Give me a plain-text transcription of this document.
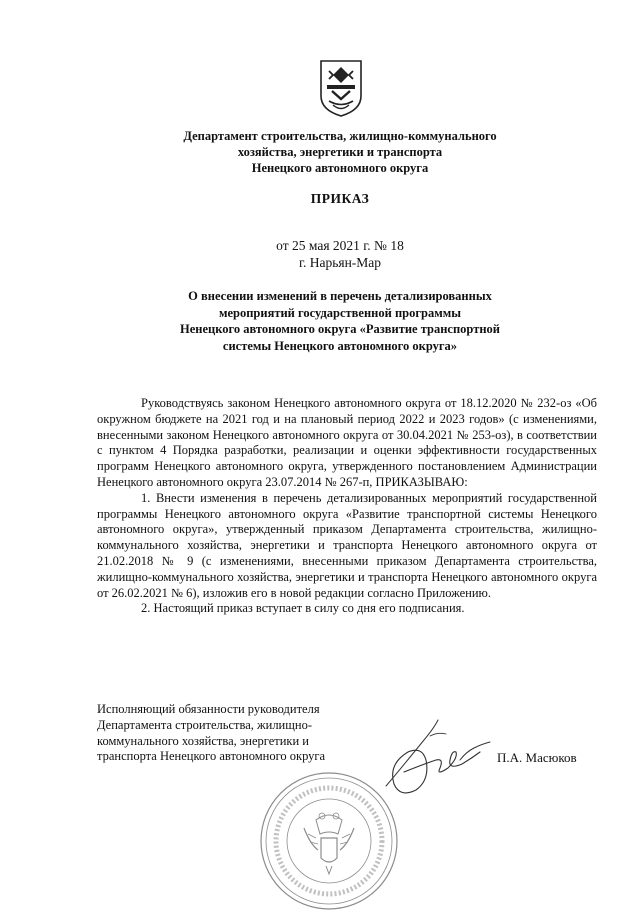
Департамент строительства, жилищно-коммунального
хозяйства, энергетики и транспорта
Ненецкого автономного округа
ПРИКАЗ
от 25 мая 2021 г. № 18
г. Нарьян-Мар
О внесении изменений в перечень детализированных
мероприятий государственной программы
Ненецкого автономного округа «Развитие транспортной
системы Ненецкого автономного округа»

Руководствуясь законом Ненецкого автономного округа от 18.12.2020 № 232-оз «Об окружном бюджете на 2021 год и на плановый период 2022 и 2023 годов» (с изменениями, внесенными законом Ненецкого автономного округа от 30.04.2021 № 253-оз), в соответствии с пунктом 4 Порядка разработки, реализации и оценки эффективности государственных программ Ненецкого автономного округа, утвержденного постановлением Администрации Ненецкого автономного округа 23.07.2014 № 267-п, ПРИКАЗЫВАЮ:

1. Внести изменения в перечень детализированных мероприятий государственной программы Ненецкого автономного округа «Развитие транспортной системы Ненецкого автономного округа», утвержденный приказом Департамента строительства, жилищно-коммунального хозяйства, энергетики и транспорта Ненецкого автономного округа от 21.02.2018 № 9 (с изменениями, внесенными приказом Департамента строительства, жилищно-коммунального хозяйства, энергетики и транспорта Ненецкого автономного округа от 26.02.2021 № 6), изложив его в новой редакции согласно Приложению.

2. Настоящий приказ вступает в силу со дня его подписания.

Исполняющий обязанности руководителя
Департамента строительства, жилищно-
коммунального хозяйства, энергетики и
транспорта Ненецкого автономного округа	П.А. Масюков
